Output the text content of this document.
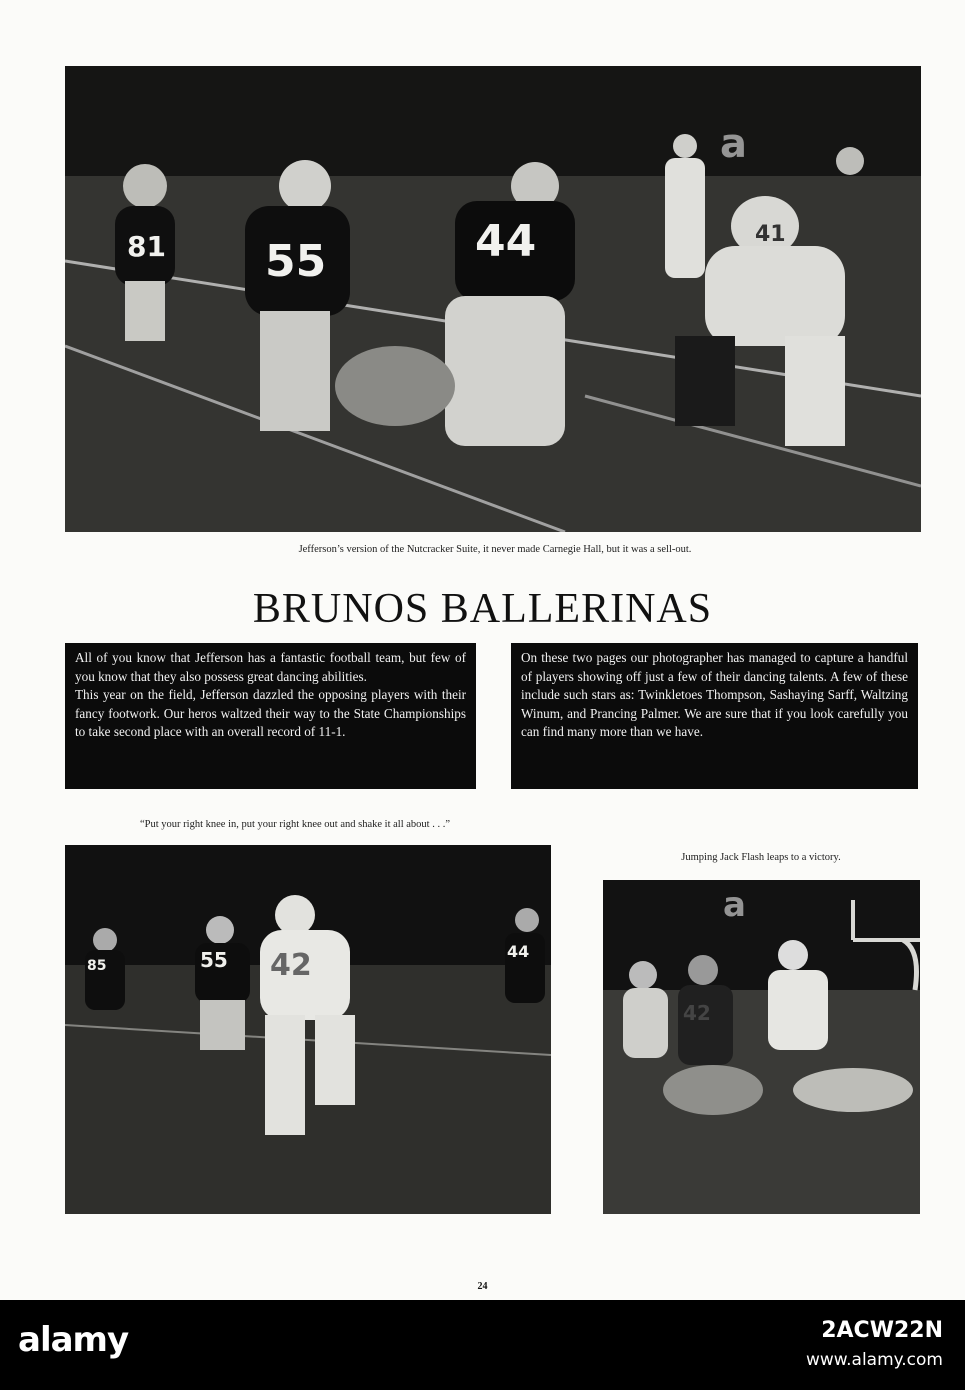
81 55	44	41
a
Jefferson’s version of the Nutcracker Suite, it never made Carnegie Hall, but it was a sell-out.
BRUNOS BALLERINAS

All of you know that Jefferson has a fantastic football team, but few of you know that they also possess great dancing abilities.

This year on the field, Jefferson dazzled the opposing players with their fancy footwork. Our heros waltzed their way to the State Championships to take second place with an overall record of 11-1.

On these two pages our photographer has managed to capture a handful of players showing off just a few of their dancing talents. A few of these include such stars as: Twinkletoes Thompson, Sashaying Sarff, Waltzing Winum, and Prancing Palmer. We are sure that if you look carefully you can find many more than we have.

“Put your right knee in, put your right knee out and shake it all about . . .”
Jumping Jack Flash leaps to a victory.
55 42	44
85
42
a
24
alamy	2ACW22N
www.alamy.com
